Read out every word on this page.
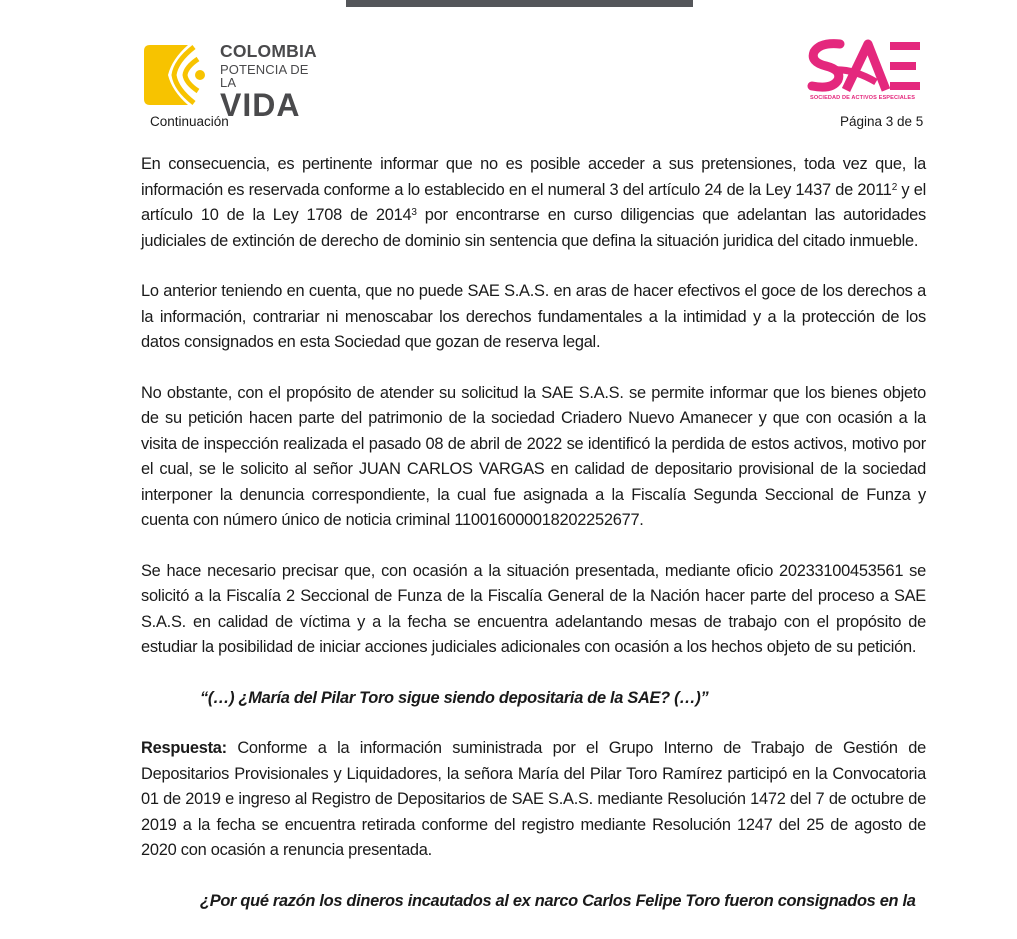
COLOMBIA
POTENCIA DE LA
VIDA
Continuación
SOCIEDAD DE ACTIVOS ESPECIALES
Página 3 de 5

En consecuencia, es pertinente informar que no es posible acceder a sus pretensiones, toda vez que, la información es reservada conforme a lo establecido en el numeral 3 del artículo 24 de la Ley 1437 de 2011$^2$ y el artículo 10 de la Ley 1708 de 2014$^3$ por encontrarse en curso diligencias que adelantan las autoridades judiciales de extinción de derecho de dominio sin sentencia que defina la situación juridica del citado inmueble.

Lo anterior teniendo en cuenta, que no puede SAE S.A.S. en aras de hacer efectivos el goce de los derechos a la información, contrariar ni menoscabar los derechos fundamentales a la intimidad y a la protección de los datos consignados en esta Sociedad que gozan de reserva legal.

No obstante, con el propósito de atender su solicitud la SAE S.A.S. se permite informar que los bienes objeto de su petición hacen parte del patrimonio de la sociedad Criadero Nuevo Amanecer y que con ocasión a la visita de inspección realizada el pasado 08 de abril de 2022 se identificó la perdida de estos activos, motivo por el cual, se le solicito al señor JUAN CARLOS VARGAS en calidad de depositario provisional de la sociedad interponer la denuncia correspondiente, la cual fue asignada a la Fiscalía Segunda Seccional de Funza y cuenta con número único de noticia criminal 110016000018202252677.

Se hace necesario precisar que, con ocasión a la situación presentada, mediante oficio 20233100453561 se solicitó a la Fiscalía 2 Seccional de Funza de la Fiscalía General de la Nación hacer parte del proceso a SAE S.A.S. en calidad de víctima y a la fecha se encuentra adelantando mesas de trabajo con el propósito de estudiar la posibilidad de iniciar acciones judiciales adicionales con ocasión a los hechos objeto de su petición.

“(…) ¿María del Pilar Toro sigue siendo depositaria de la SAE? (…)”

Respuesta: Conforme a la información suministrada por el Grupo Interno de Trabajo de Gestión de Depositarios Provisionales y Liquidadores, la señora María del Pilar Toro Ramírez participó en la Convocatoria 01 de 2019 e ingreso al Registro de Depositarios de SAE S.A.S. mediante Resolución 1472 del 7 de octubre de 2019 a la fecha se encuentra retirada conforme del registro mediante Resolución 1247 del 25 de agosto de 2020 con ocasión a renuncia presentada.

¿Por qué razón los dineros incautados al ex narco Carlos Felipe Toro fueron consignados en la
